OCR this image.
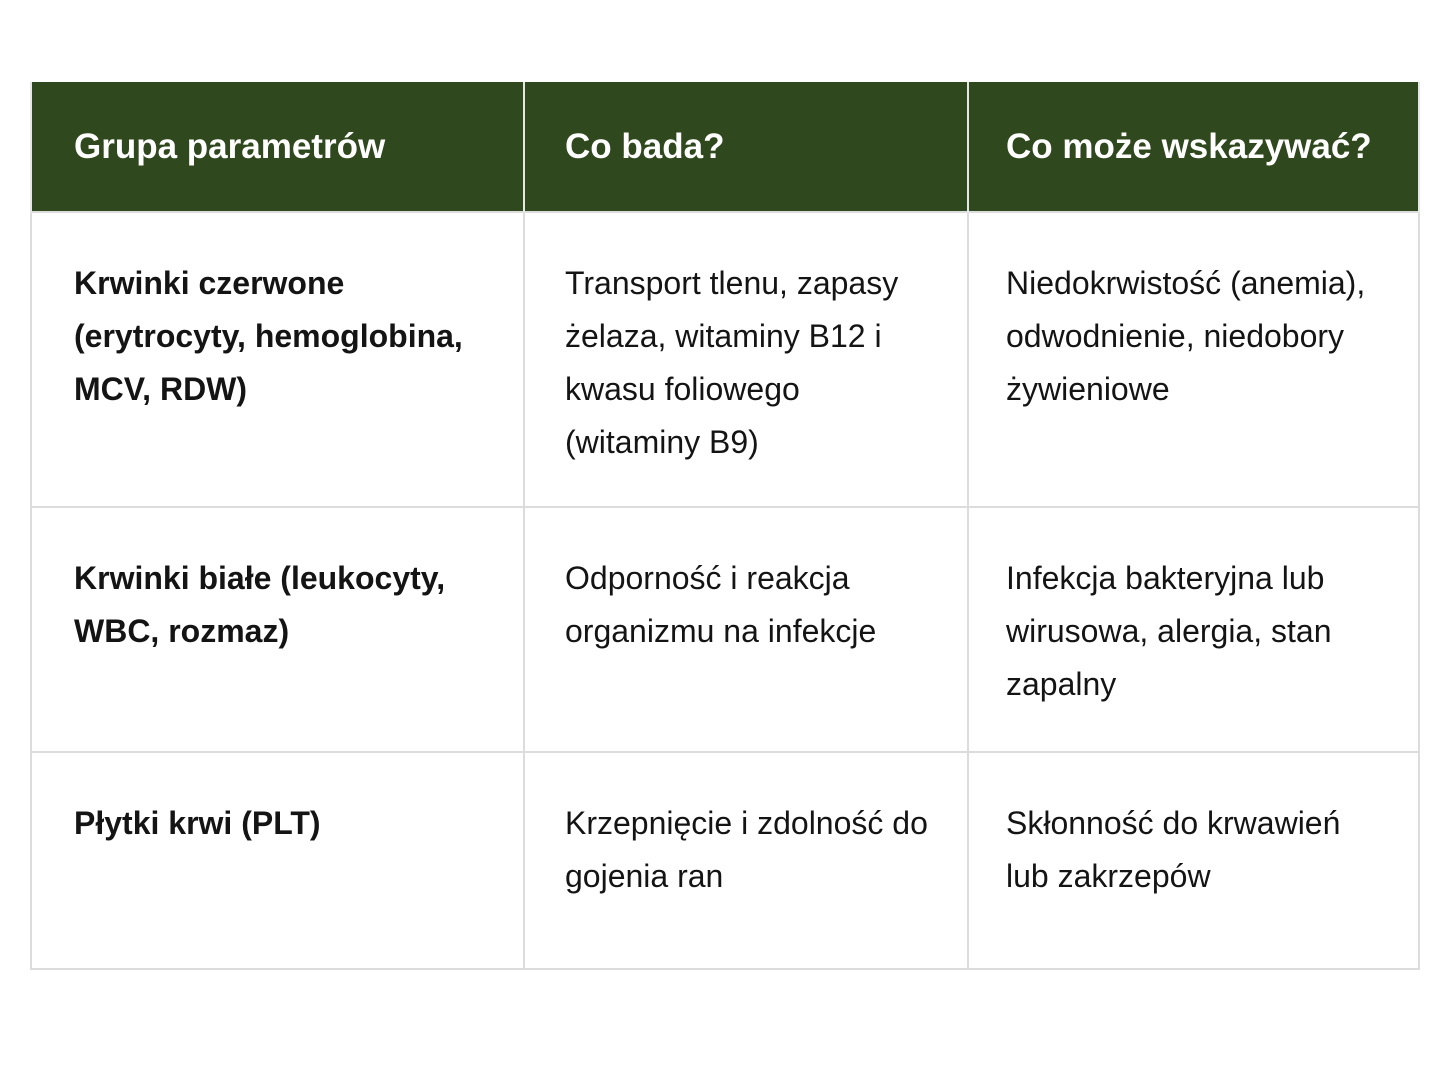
Grupa parametrów	Co bada?	Co może wskazywać?
Krwinki czerwone (erytrocyty, hemoglobina, MCV, RDW)	Transport tlenu, zapasy żelaza, witaminy B12 i kwasu foliowego (witaminy B9)	Niedokrwistość (anemia), odwodnienie, niedobory żywieniowe
Krwinki białe (leukocyty, WBC, rozmaz)	Odporność i reakcja organizmu na infekcje	Infekcja bakteryjna lub wirusowa, alergia, stan zapalny
Płytki krwi (PLT)	Krzepnięcie i zdolność do gojenia ran	Skłonność do krwawień lub zakrzepów
